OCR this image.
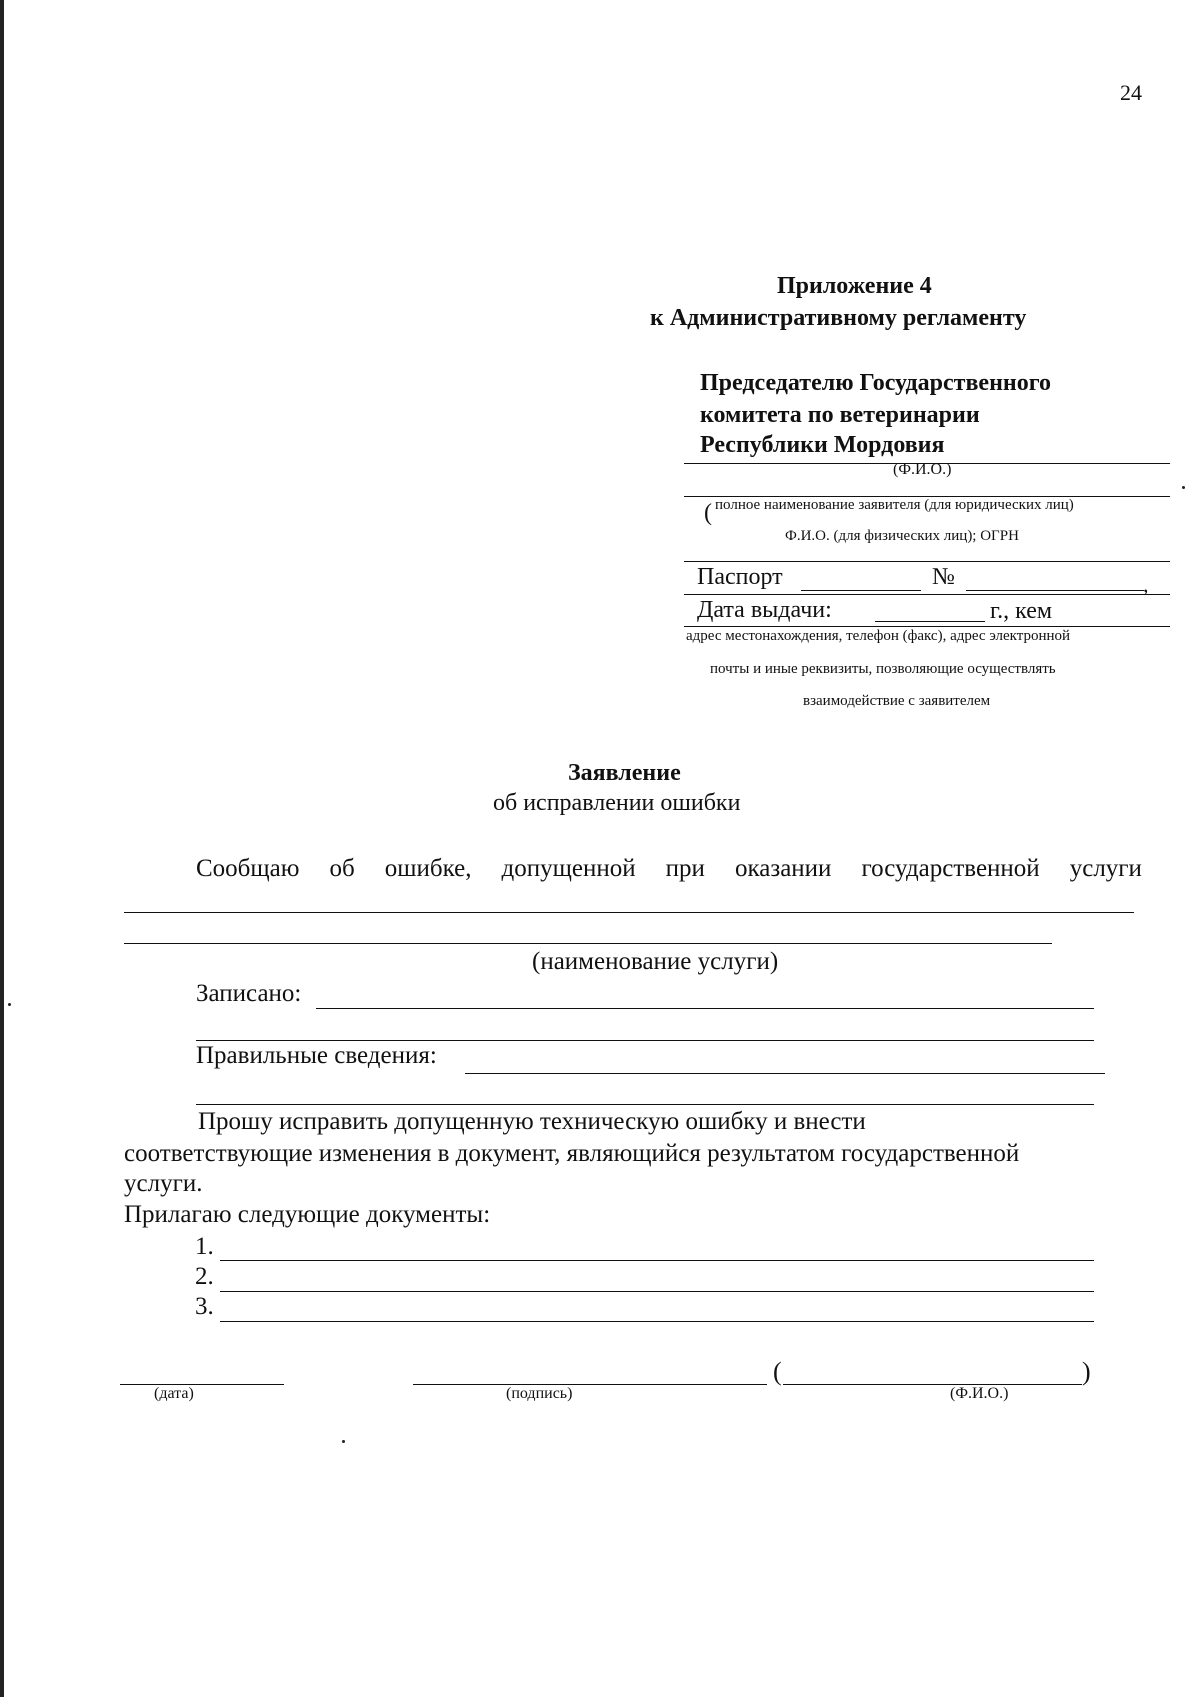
24
Приложение 4
к Административному регламенту
Председателю Государственного
комитета по ветеринарии
Республики Мордовия
(Ф.И.О.)
( полное наименование заявителя (для юридических лиц)
Ф.И.О. (для физических лиц); ОГРН
Паспорт	№	,
Дата выдачи:	г., кем
адрес местонахождения, телефон (факс), адрес электронной
почты и иные реквизиты, позволяющие осуществлять
взаимодействие с заявителем
Заявление
об исправлении ошибки
Сообщаю об ошибке, допущенной при оказании государственной услуги
(наименование услуги)
Записано:
Правильные сведения:
Прошу исправить допущенную техническую ошибку и внести
соответствующие изменения в документ, являющийся результатом государственной
услуги.
Прилагаю следующие документы:
1.
2.
3.
(дата)	(подпись)
(	)
(Ф.И.О.)
